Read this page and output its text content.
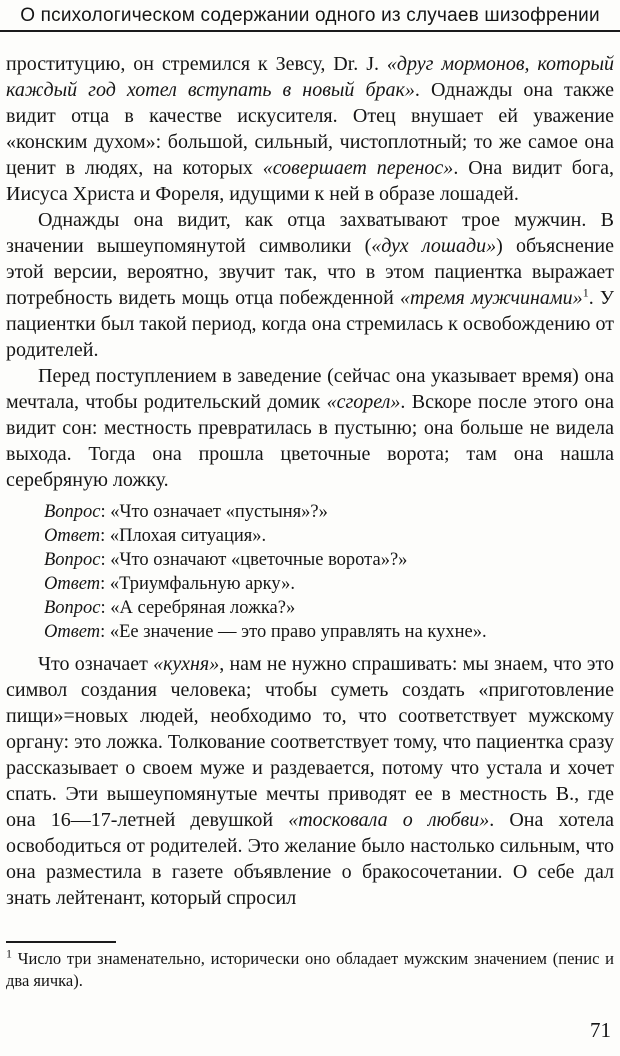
О психологическом содержании одного из случаев шизофрении

проституцию, он стремился к Зевсу, Dr. J. «друг мормонов, который каждый год хотел вступать в новый брак». Однажды она также видит отца в качестве искусителя. Отец внушает ей уважение «конским духом»: большой, сильный, чистоплотный; то же самое она ценит в людях, на которых «совершает перенос». Она видит бога, Иисуса Христа и Фореля, идущими к ней в образе лошадей.

Однажды она видит, как отца захватывают трое мужчин. В значении вышеупомянутой символики («дух лошади») объяснение этой версии, вероятно, звучит так, что в этом пациентка выражает потребность видеть мощь отца побежденной «тремя мужчинами»$^1$. У пациентки был такой период, когда она стремилась к освобождению от родителей.

Перед поступлением в заведение (сейчас она указывает время) она мечтала, чтобы родительский домик «сгорел». Вскоре после этого она видит сон: местность превратилась в пустыню; она больше не видела выхода. Тогда она прошла цветочные ворота; там она нашла серебряную ложку.

Вопрос: «Что означает «пустыня»?»

Ответ: «Плохая ситуация».

Вопрос: «Что означают «цветочные ворота»?»

Ответ: «Триумфальную арку».

Вопрос: «А серебряная ложка?»

Ответ: «Ее значение — это право управлять на кухне».

Что означает «кухня», нам не нужно спрашивать: мы знаем, что это символ создания человека; чтобы суметь создать «приготовление пищи»=новых людей, необходимо то, что соответствует мужскому органу: это ложка. Толкование соответствует тому, что пациентка сразу рассказывает о своем муже и раздевается, потому что устала и хочет спать. Эти вышеупомянутые мечты приводят ее в местность В., где она 16—17-летней девушкой «тосковала о любви». Она хотела освободиться от родителей. Это желание было настолько сильным, что она разместила в газете объявление о бракосочетании. О себе дал знать лейтенант, который спросил

$^1$ Число три знаменательно, исторически оно обладает мужским значением (пенис и два яичка).

71
